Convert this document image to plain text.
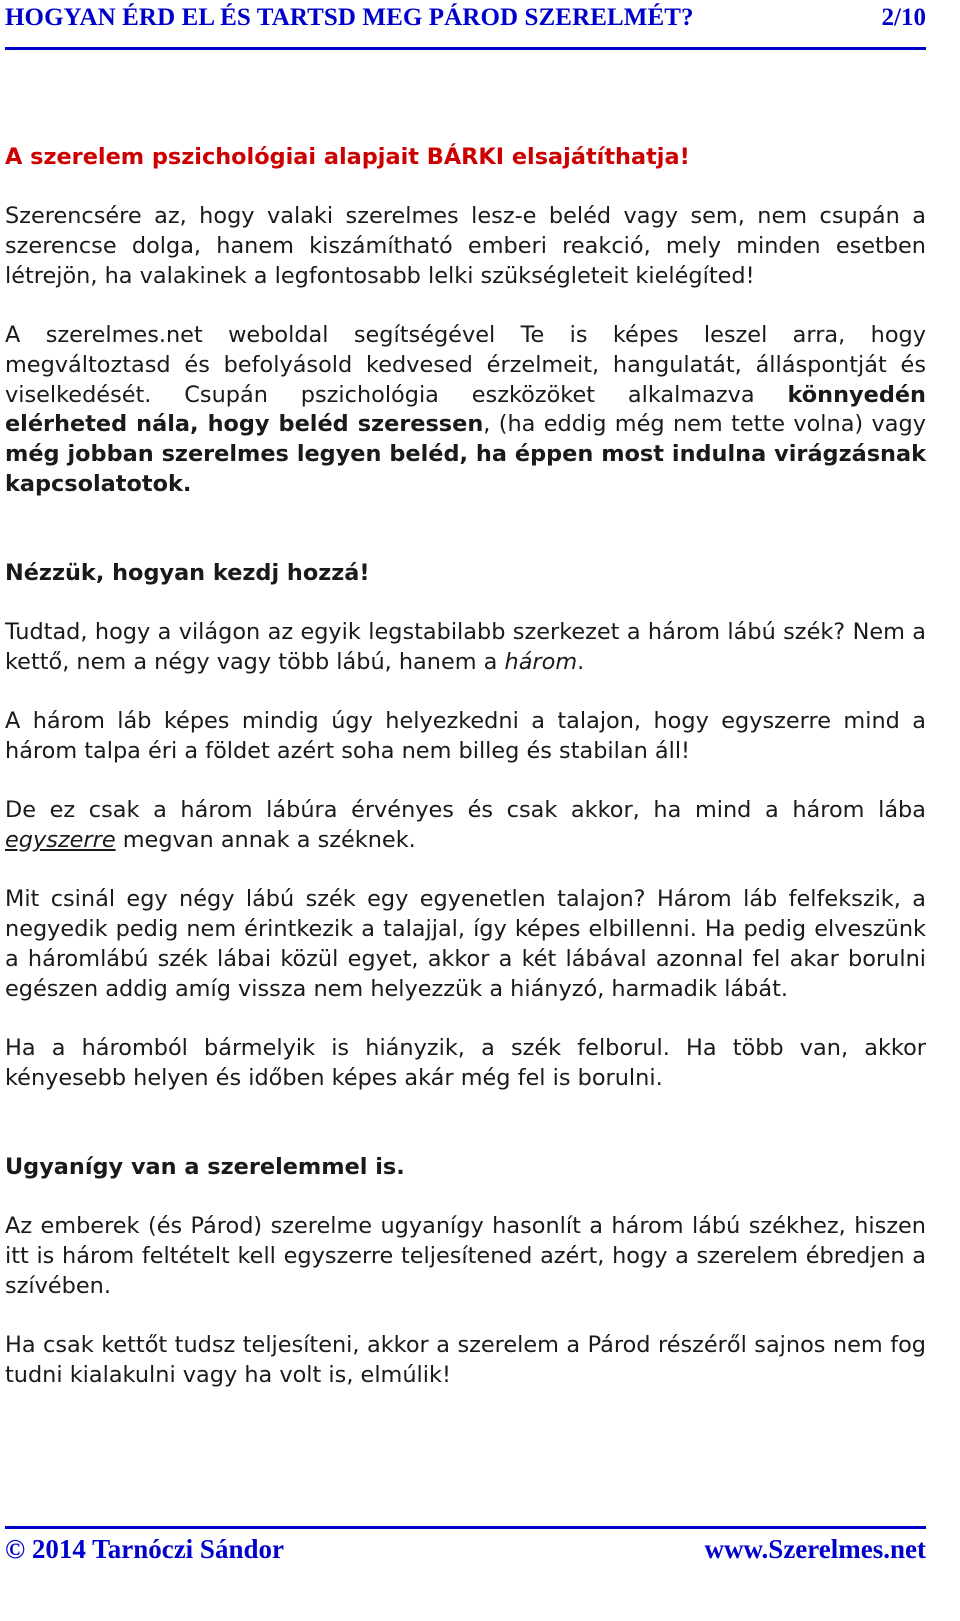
HOGYAN ÉRD EL ÉS TARTSD MEG PÁROD SZERELMÉT?	2/10

A szerelem pszichológiai alapjait BÁRKI elsajátíthatja!

Szerencsére az, hogy valaki szerelmes lesz-e beléd vagy sem, nem csupán a szerencse dolga, hanem kiszámítható emberi reakció, mely minden esetben létrejön, ha valakinek a legfontosabb lelki szükségleteit kielégíted!

A szerelmes.net weboldal segítségével Te is képes leszel arra, hogy megváltoztasd és befolyásold kedvesed érzelmeit, hangulatát, álláspontját és viselkedését. Csupán pszichológia eszközöket alkalmazva könnyedén elérheted nála, hogy beléd szeressen, (ha eddig még nem tette volna) vagy még jobban szerelmes legyen beléd, ha éppen most indulna virágzásnak kapcsolatotok.

Nézzük, hogyan kezdj hozzá!

Tudtad, hogy a világon az egyik legstabilabb szerkezet a három lábú szék? Nem a kettő, nem a négy vagy több lábú, hanem a három.

A három láb képes mindig úgy helyezkedni a talajon, hogy egyszerre mind a három talpa éri a földet azért soha nem billeg és stabilan áll!

De ez csak a három lábúra érvényes és csak akkor, ha mind a három lába egyszerre megvan annak a széknek.

Mit csinál egy négy lábú szék egy egyenetlen talajon? Három láb felfekszik, a negyedik pedig nem érintkezik a talajjal, így képes elbillenni. Ha pedig elveszünk a háromlábú szék lábai közül egyet, akkor a két lábával azonnal fel akar borulni egészen addig amíg vissza nem helyezzük a hiányzó, harmadik lábát.

Ha a háromból bármelyik is hiányzik, a szék felborul. Ha több van, akkor kényesebb helyen és időben képes akár még fel is borulni.

Ugyanígy van a szerelemmel is.

Az emberek (és Párod) szerelme ugyanígy hasonlít a három lábú székhez, hiszen itt is három feltételt kell egyszerre teljesítened azért, hogy a szerelem ébredjen a szívében.

Ha csak kettőt tudsz teljesíteni, akkor a szerelem a Párod részéről sajnos nem fog tudni kialakulni vagy ha volt is, elmúlik!

© 2014 Tarnóczi Sándor	www.Szerelmes.net
